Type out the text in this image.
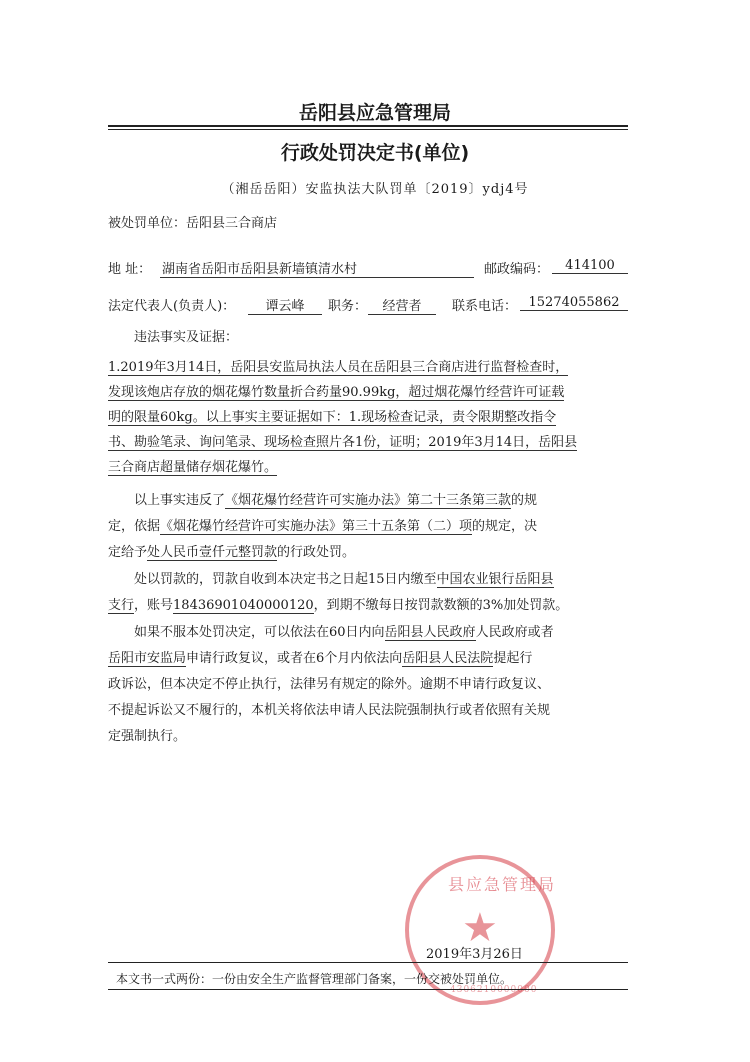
岳阳县应急管理局
行政处罚决定书(单位)
（湘岳岳阳）安监执法大队罚单〔2019〕ydj4号
被处罚单位：岳阳县三合商店
地 址： 湖南省岳阳市岳阳县新墙镇清水村	邮政编码：	414100
法定代表人(负责人)：	谭云峰	职务：	经营者	联系电话： 15274055862
违法事实及证据：
1.2019年3月14日，岳阳县安监局执法人员在岳阳县三合商店进行监督检查时，
发现该炮店存放的烟花爆竹数量折合药量90.99kg，超过烟花爆竹经营许可证载
明的限量60kg。以上事实主要证据如下：1.现场检查记录，责令限期整改指令
书、勘验笔录、询问笔录、现场检查照片各1份，证明；2019年3月14日，岳阳县
三合商店超量储存烟花爆竹。
以上事实违反了《烟花爆竹经营许可实施办法》第二十三条第三款的规
定，依据《烟花爆竹经营许可实施办法》第三十五条第（二）项的规定，决
定给予处人民币壹仟元整罚款的行政处罚。
处以罚款的，罚款自收到本决定书之日起15日内缴至中国农业银行岳阳县
支行，账号18436901040000120，到期不缴每日按罚款数额的3%加处罚款。
如果不服本处罚决定，可以依法在60日内向岳阳县人民政府人民政府或者
岳阳市安监局申请行政复议，或者在6个月内依法向岳阳县人民法院提起行
政诉讼，但本决定不停止执行，法律另有规定的除外。逾期不申请行政复议、
不提起诉讼又不履行的，本机关将依法申请人民法院强制执行或者依照有关规
定强制执行。
★
县应急管理局
4306210000000
2019年3月26日
本文书一式两份：一份由安全生产监督管理部门备案，一份交被处罚单位。
